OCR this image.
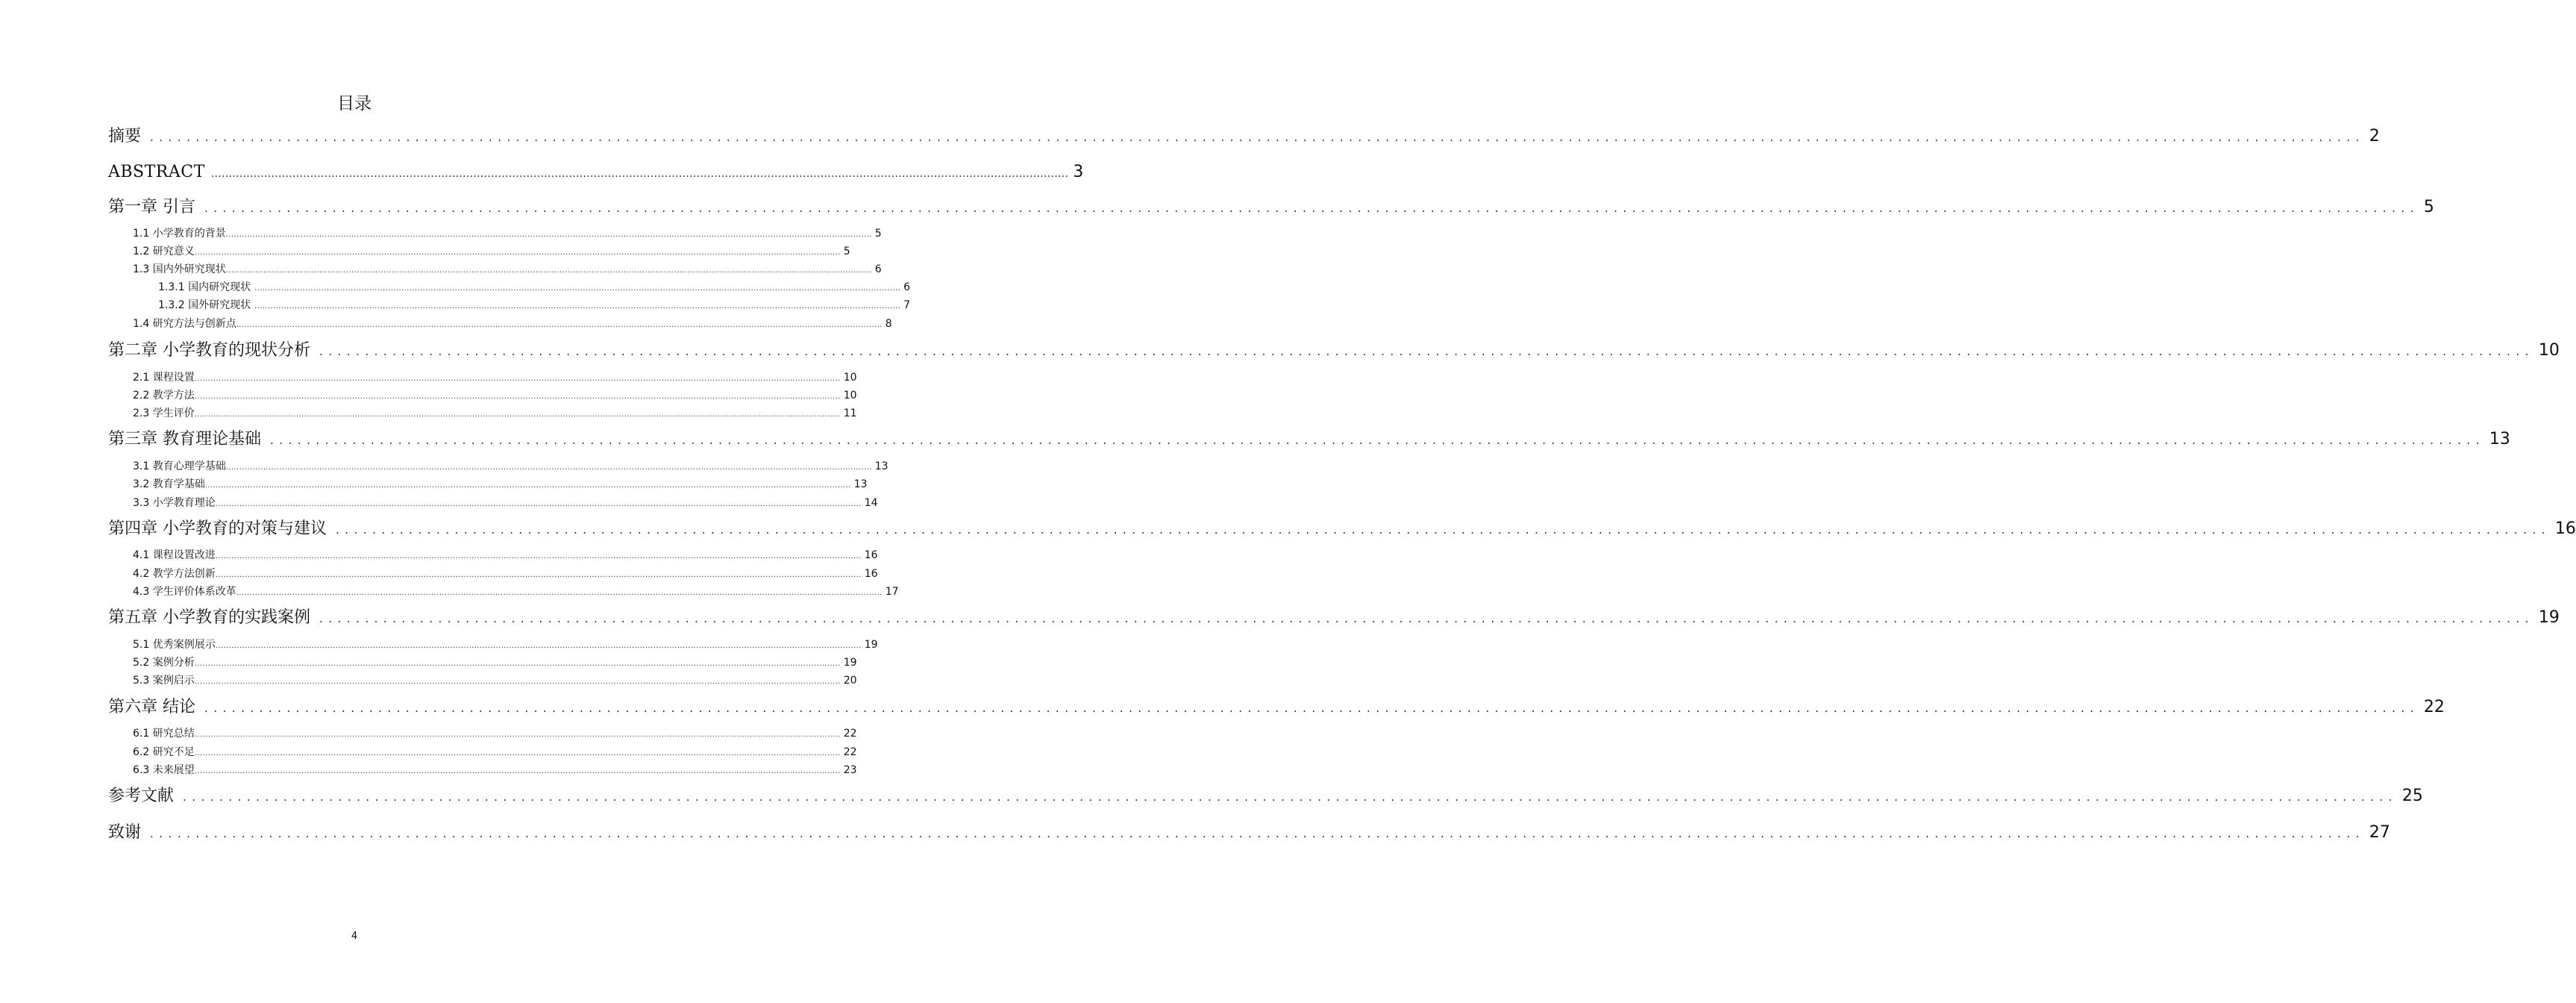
目录
摘要 .................................................................................................................................................................................................................................................. 2
ABSTRACT .................................................................................................................................................................................................................................................. 3
第一章 引言 .................................................................................................................................................................................................................................................. 5
1.1 小学教育的背景 .................................................................................................................................................................................................................................................. 5
1.2 研究意义 .................................................................................................................................................................................................................................................. 5
1.3 国内外研究现状 .................................................................................................................................................................................................................................................. 6
1.3.1 国内研究现状 .................................................................................................................................................................................................................................................. 6
1.3.2 国外研究现状 .................................................................................................................................................................................................................................................. 7
1.4 研究方法与创新点 .................................................................................................................................................................................................................................................. 8
第二章 小学教育的现状分析 .................................................................................................................................................................................................................................................. 10
2.1 课程设置 .................................................................................................................................................................................................................................................. 10
2.2 教学方法 .................................................................................................................................................................................................................................................. 10
2.3 学生评价 .................................................................................................................................................................................................................................................. 11
第三章 教育理论基础 .................................................................................................................................................................................................................................................. 13
3.1 教育心理学基础 .................................................................................................................................................................................................................................................. 13
3.2 教育学基础 .................................................................................................................................................................................................................................................. 13
3.3 小学教育理论 .................................................................................................................................................................................................................................................. 14
第四章 小学教育的对策与建议 .................................................................................................................................................................................................................................................. 16
4.1 课程设置改进 .................................................................................................................................................................................................................................................. 16
4.2 教学方法创新 .................................................................................................................................................................................................................................................. 16
4.3 学生评价体系改革 .................................................................................................................................................................................................................................................. 17
第五章 小学教育的实践案例 .................................................................................................................................................................................................................................................. 19
5.1 优秀案例展示 .................................................................................................................................................................................................................................................. 19
5.2 案例分析 .................................................................................................................................................................................................................................................. 19
5.3 案例启示 .................................................................................................................................................................................................................................................. 20
第六章 结论 .................................................................................................................................................................................................................................................. 22
6.1 研究总结 .................................................................................................................................................................................................................................................. 22
6.2 研究不足 .................................................................................................................................................................................................................................................. 22
6.3 未来展望 .................................................................................................................................................................................................................................................. 23
参考文献 .................................................................................................................................................................................................................................................. 25
致谢 .................................................................................................................................................................................................................................................. 27
4
